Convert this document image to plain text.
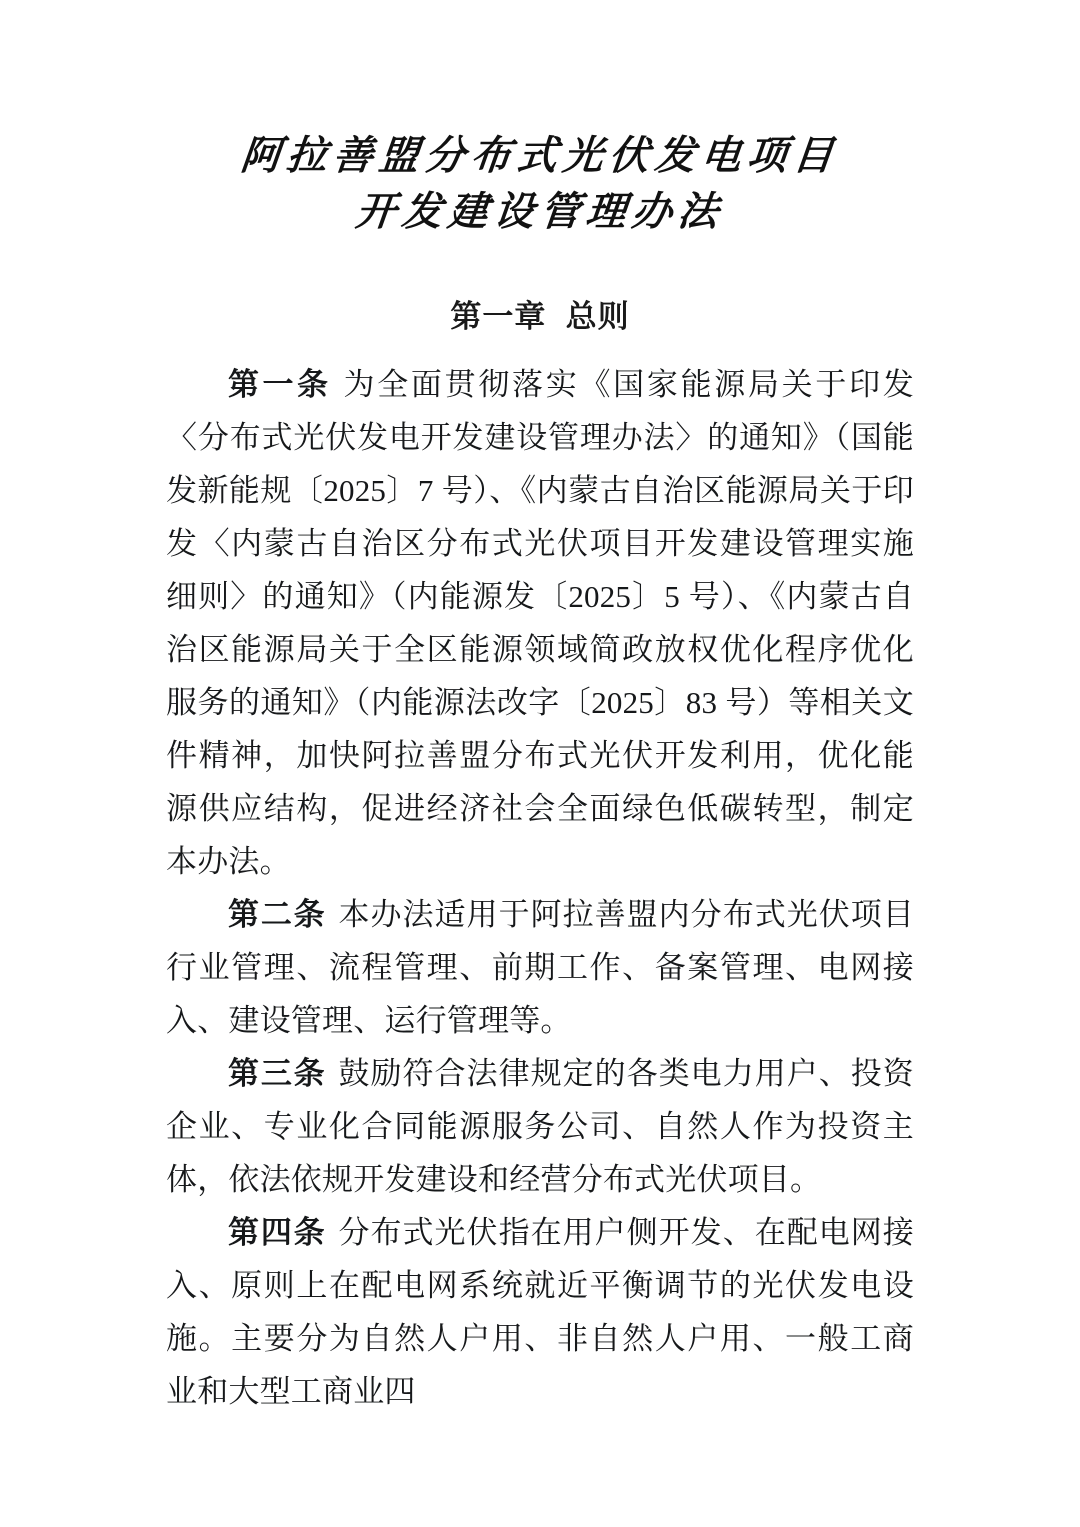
阿拉善盟分布式光伏发电项目
开发建设管理办法
第一章  总则

第一条 为全面贯彻落实《国家能源局关于印发〈分布式光伏发电开发建设管理办法〉的通知》（国能发新能规〔2025〕7 号）、《内蒙古自治区能源局关于印发〈内蒙古自治区分布式光伏项目开发建设管理实施细则〉的通知》（内能源发〔2025〕5 号）、《内蒙古自治区能源局关于全区能源领域简政放权优化程序优化服务的通知》（内能源法改字〔2025〕83 号）等相关文件精神，加快阿拉善盟分布式光伏开发利用，优化能源供应结构，促进经济社会全面绿色低碳转型，制定本办法。

第二条 本办法适用于阿拉善盟内分布式光伏项目行业管理、流程管理、前期工作、备案管理、电网接入、建设管理、运行管理等。

第三条 鼓励符合法律规定的各类电力用户、投资企业、专业化合同能源服务公司、自然人作为投资主体，依法依规开发建设和经营分布式光伏项目。

第四条 分布式光伏指在用户侧开发、在配电网接入、原则上在配电网系统就近平衡调节的光伏发电设施。主要分为自然人户用、非自然人户用、一般工商业和大型工商业四
